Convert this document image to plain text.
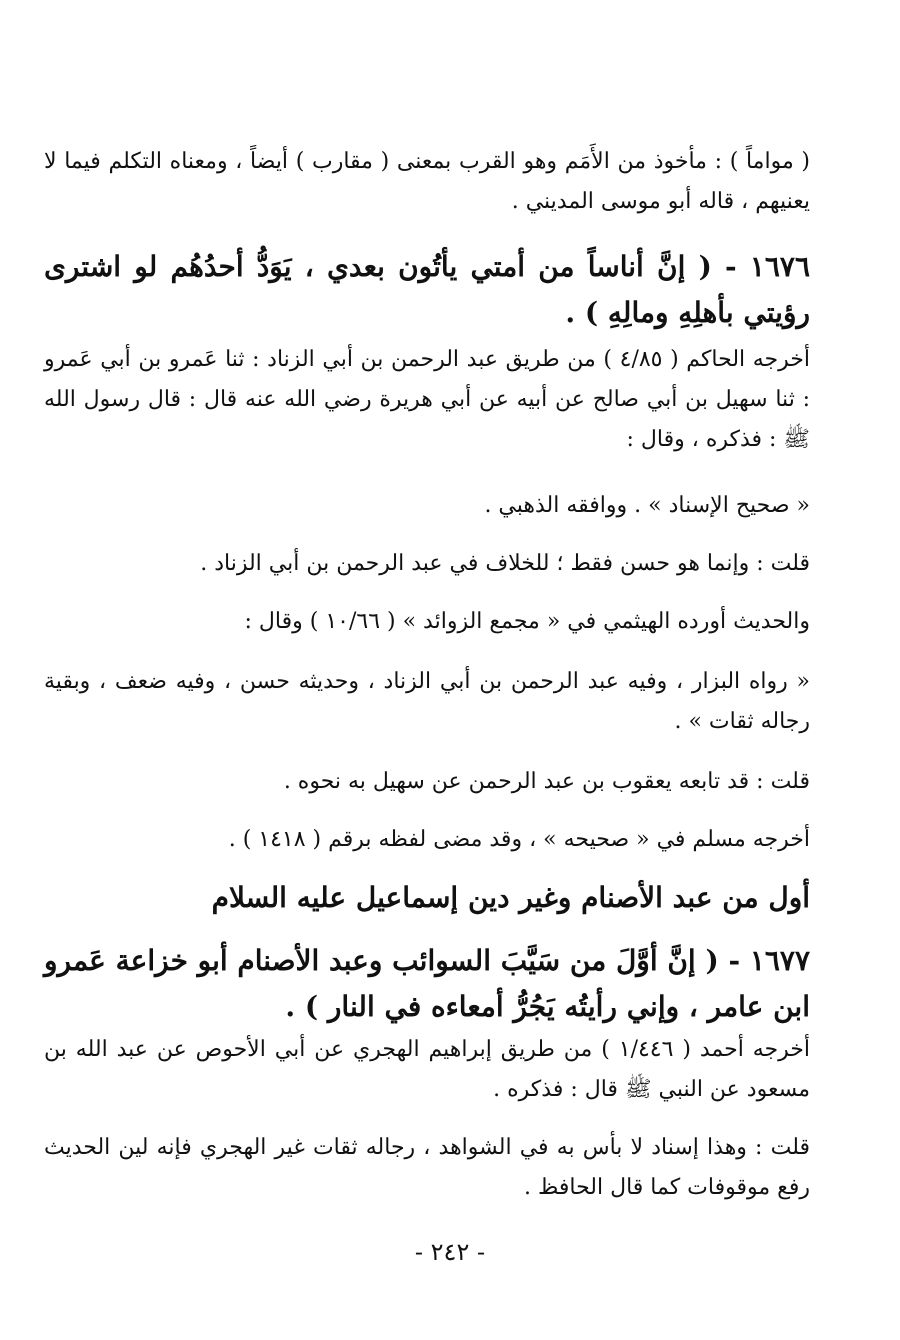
( مواماً ) : مأخوذ من الأَمَم وهو القرب بمعنى ( مقارب ) أيضاً ، ومعناه التكلم فيما لا يعنيهم ، قاله أبو موسى المديني .

١٦٧٦ - ( إنَّ أناساً من أمتي يأتُون بعدي ، يَوَدُّ أحدُهُم لو اشترى رؤيتي بأهلِهِ ومالِهِ ) .

أخرجه الحاكم ( ٤/٨٥ ) من طريق عبد الرحمن بن أبي الزناد : ثنا عَمرو بن أبي عَمرو : ثنا سهيل بن أبي صالح عن أبيه عن أبي هريرة رضي الله عنه قال : قال رسول الله ﷺ : فذكره ، وقال :

« صحيح الإسناد » . ووافقه الذهبي .

قلت : وإنما هو حسن فقط ؛ للخلاف في عبد الرحمن بن أبي الزناد .

والحديث أورده الهيثمي في « مجمع الزوائد » ( ١٠/٦٦ ) وقال :

« رواه البزار ، وفيه عبد الرحمن بن أبي الزناد ، وحديثه حسن ، وفيه ضعف ، وبقية رجاله ثقات » .

قلت : قد تابعه يعقوب بن عبد الرحمن عن سهيل به نحوه .

أخرجه مسلم في « صحيحه » ، وقد مضى لفظه برقم ( ١٤١٨ ) .

أول من عبد الأصنام وغير دين إسماعيل عليه السلام

١٦٧٧ - ( إنَّ أوَّلَ من سَيَّبَ السوائب وعبد الأصنام أبو خزاعة عَمرو ابن عامر ، وإني رأيتُه يَجُرُّ أمعاءه في النار ) .

أخرجه أحمد ( ١/٤٤٦ ) من طريق إبراهيم الهجري عن أبي الأحوص عن عبد الله بن مسعود عن النبي ﷺ قال : فذكره .

قلت : وهذا إسناد لا بأس به في الشواهد ، رجاله ثقات غير الهجري فإنه لين الحديث رفع موقوفات كما قال الحافظ .

- ٢٤٢ -
